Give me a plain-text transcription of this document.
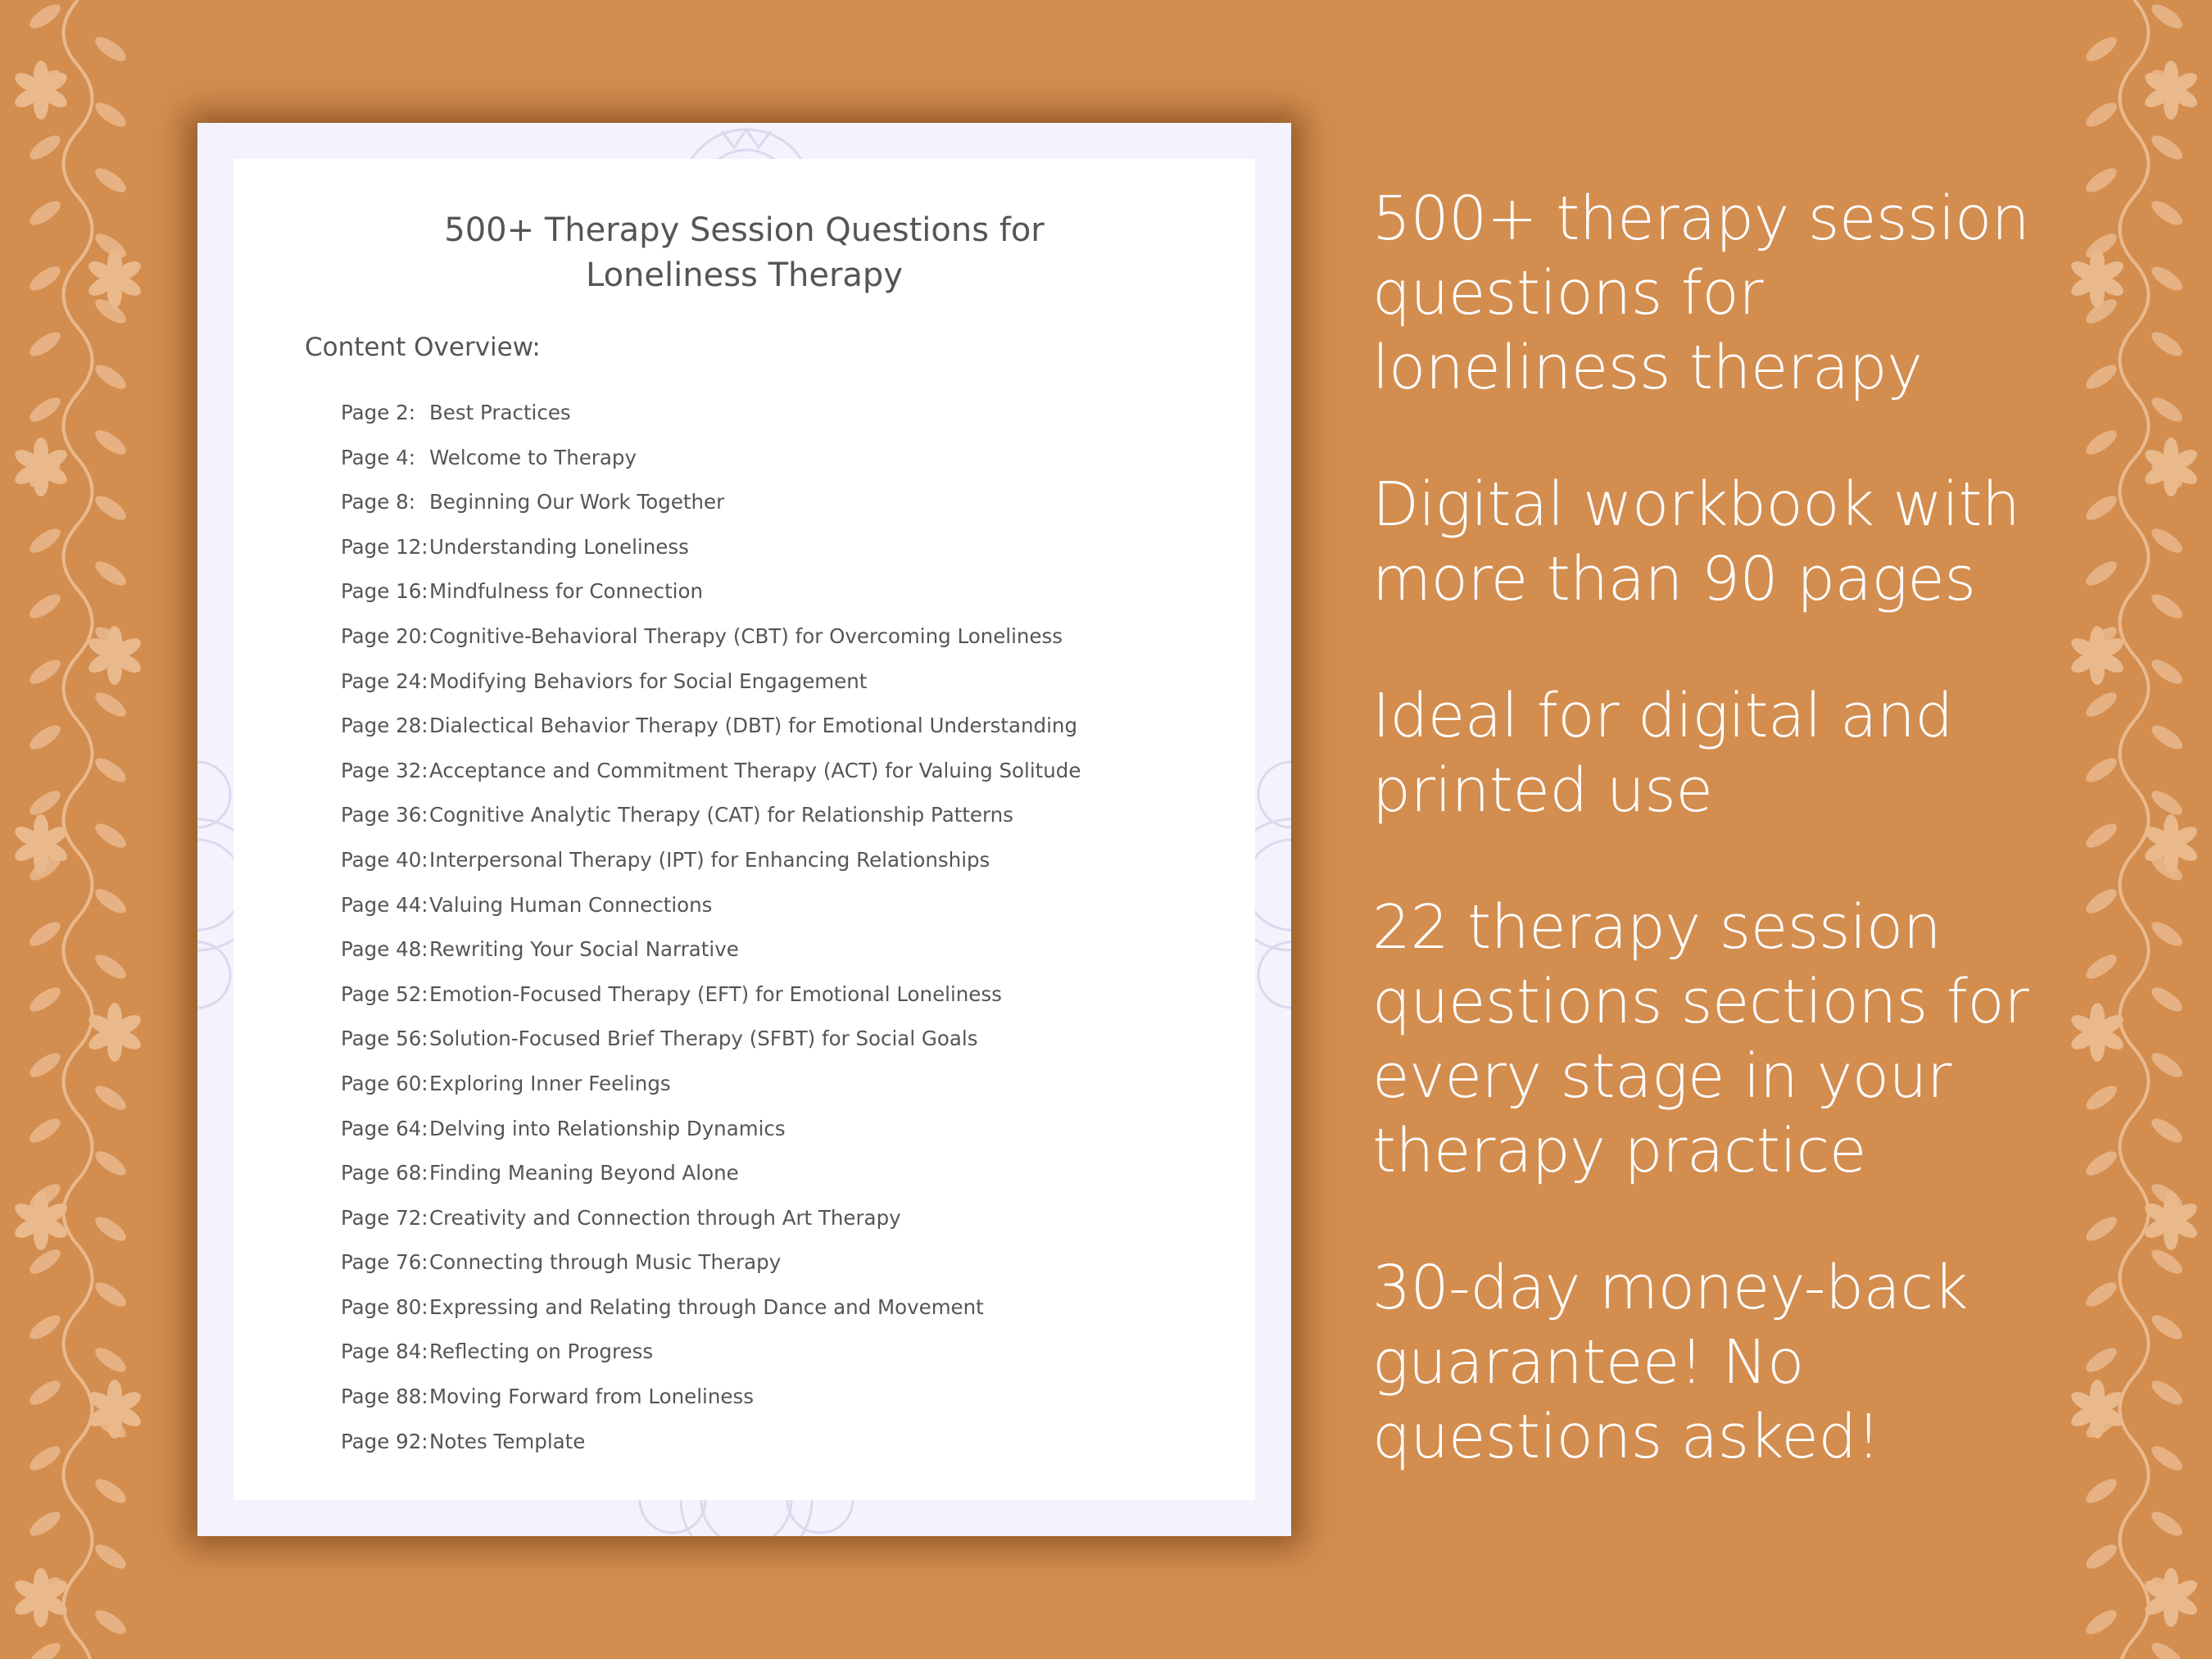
500+ Therapy Session Questions for
Loneliness Therapy
Content Overview:
Page 2: Best Practices
Page 4: Welcome to Therapy
Page 8: Beginning Our Work Together
Page 12:Understanding Loneliness
Page 16:Mindfulness for Connection
Page 20:Cognitive-Behavioral Therapy (CBT) for Overcoming Loneliness
Page 24:Modifying Behaviors for Social Engagement
Page 28:Dialectical Behavior Therapy (DBT) for Emotional Understanding
Page 32:Acceptance and Commitment Therapy (ACT) for Valuing Solitude
Page 36:Cognitive Analytic Therapy (CAT) for Relationship Patterns
Page 40:Interpersonal Therapy (IPT) for Enhancing Relationships
Page 44:Valuing Human Connections
Page 48:Rewriting Your Social Narrative
Page 52:Emotion-Focused Therapy (EFT) for Emotional Loneliness
Page 56:Solution-Focused Brief Therapy (SFBT) for Social Goals
Page 60:Exploring Inner Feelings
Page 64:Delving into Relationship Dynamics
Page 68:Finding Meaning Beyond Alone
Page 72:Creativity and Connection through Art Therapy
Page 76:Connecting through Music Therapy
Page 80:Expressing and Relating through Dance and Movement
Page 84:Reflecting on Progress
Page 88:Moving Forward from Loneliness
Page 92:Notes Template

500+ therapy session questions for loneliness therapy

Digital workbook with more than 90 pages

Ideal for digital and printed use

22 therapy session questions sections for every stage in your therapy practice

30-day money-back guarantee! No questions asked!
